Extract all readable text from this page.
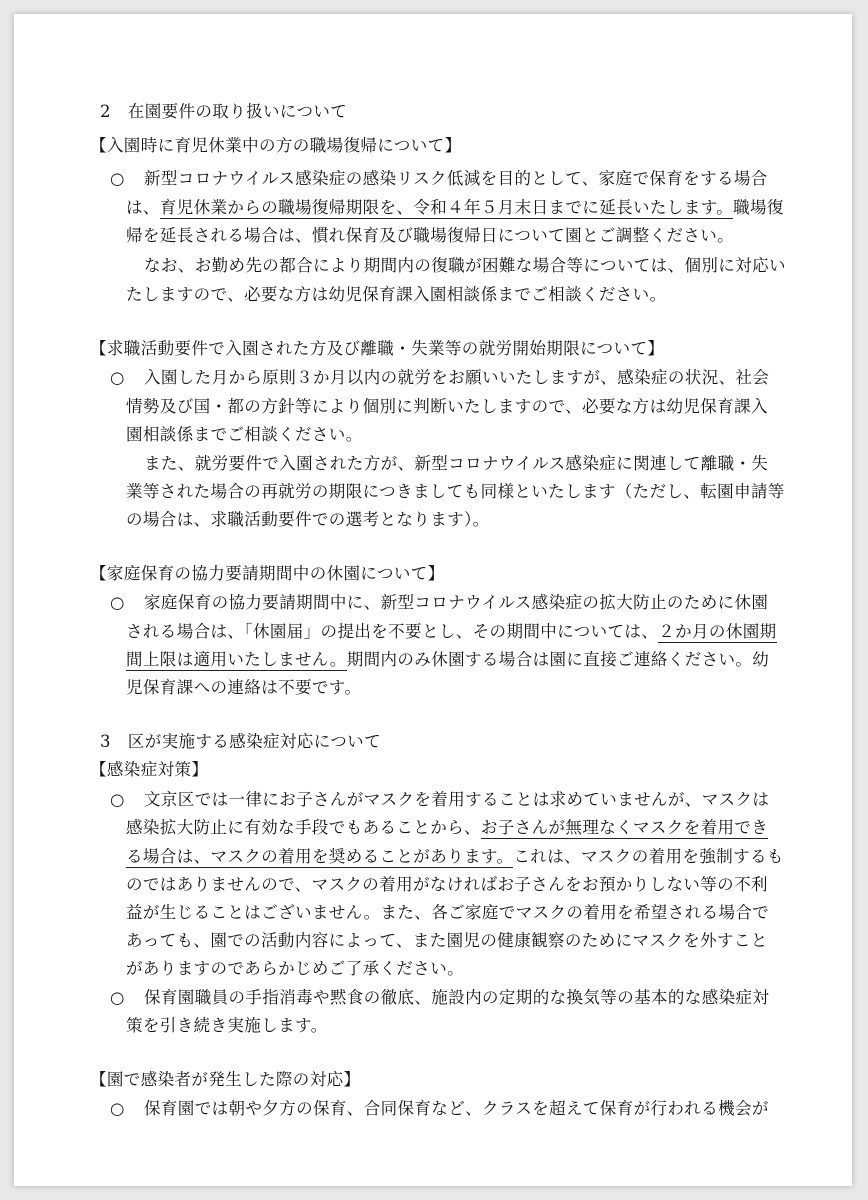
2　在園要件の取り扱いについて
【入園時に育児休業中の方の職場復帰について】
○ 新型コロナウイルス感染症の感染リスク低減を目的として、家庭で保育をする場合
は、育児休業からの職場復帰期限を、令和４年５月末日までに延長いたします。職場復
帰を延長される場合は、慣れ保育及び職場復帰日について園とご調整ください。
なお、お勤め先の都合により期間内の復職が困難な場合等については、個別に対応い
たしますので、必要な方は幼児保育課入園相談係までご相談ください。
【求職活動要件で入園された方及び離職・失業等の就労開始期限について】
○ 入園した月から原則３か月以内の就労をお願いいたしますが、感染症の状況、社会
情勢及び国・都の方針等により個別に判断いたしますので、必要な方は幼児保育課入
園相談係までご相談ください。
また、就労要件で入園された方が、新型コロナウイルス感染症に関連して離職・失
業等された場合の再就労の期限につきましても同様といたします（ただし、転園申請等
の場合は、求職活動要件での選考となります）。
【家庭保育の協力要請期間中の休園について】
○ 家庭保育の協力要請期間中に、新型コロナウイルス感染症の拡大防止のために休園
される場合は、「休園届」の提出を不要とし、その期間中については、２か月の休園期
間上限は適用いたしません。期間内のみ休園する場合は園に直接ご連絡ください。幼
児保育課への連絡は不要です。
3　区が実施する感染症対応について
【感染症対策】
○ 文京区では一律にお子さんがマスクを着用することは求めていませんが、マスクは
感染拡大防止に有効な手段でもあることから、お子さんが無理なくマスクを着用でき
る場合は、マスクの着用を奨めることがあります。これは、マスクの着用を強制するも
のではありませんので、マスクの着用がなければお子さんをお預かりしない等の不利
益が生じることはございません。また、各ご家庭でマスクの着用を希望される場合で
あっても、園での活動内容によって、また園児の健康観察のためにマスクを外すこと
がありますのであらかじめご了承ください。
○ 保育園職員の手指消毒や黙食の徹底、施設内の定期的な換気等の基本的な感染症対
策を引き続き実施します。
【園で感染者が発生した際の対応】
○ 保育園では朝や夕方の保育、合同保育など、クラスを超えて保育が行われる機会が
